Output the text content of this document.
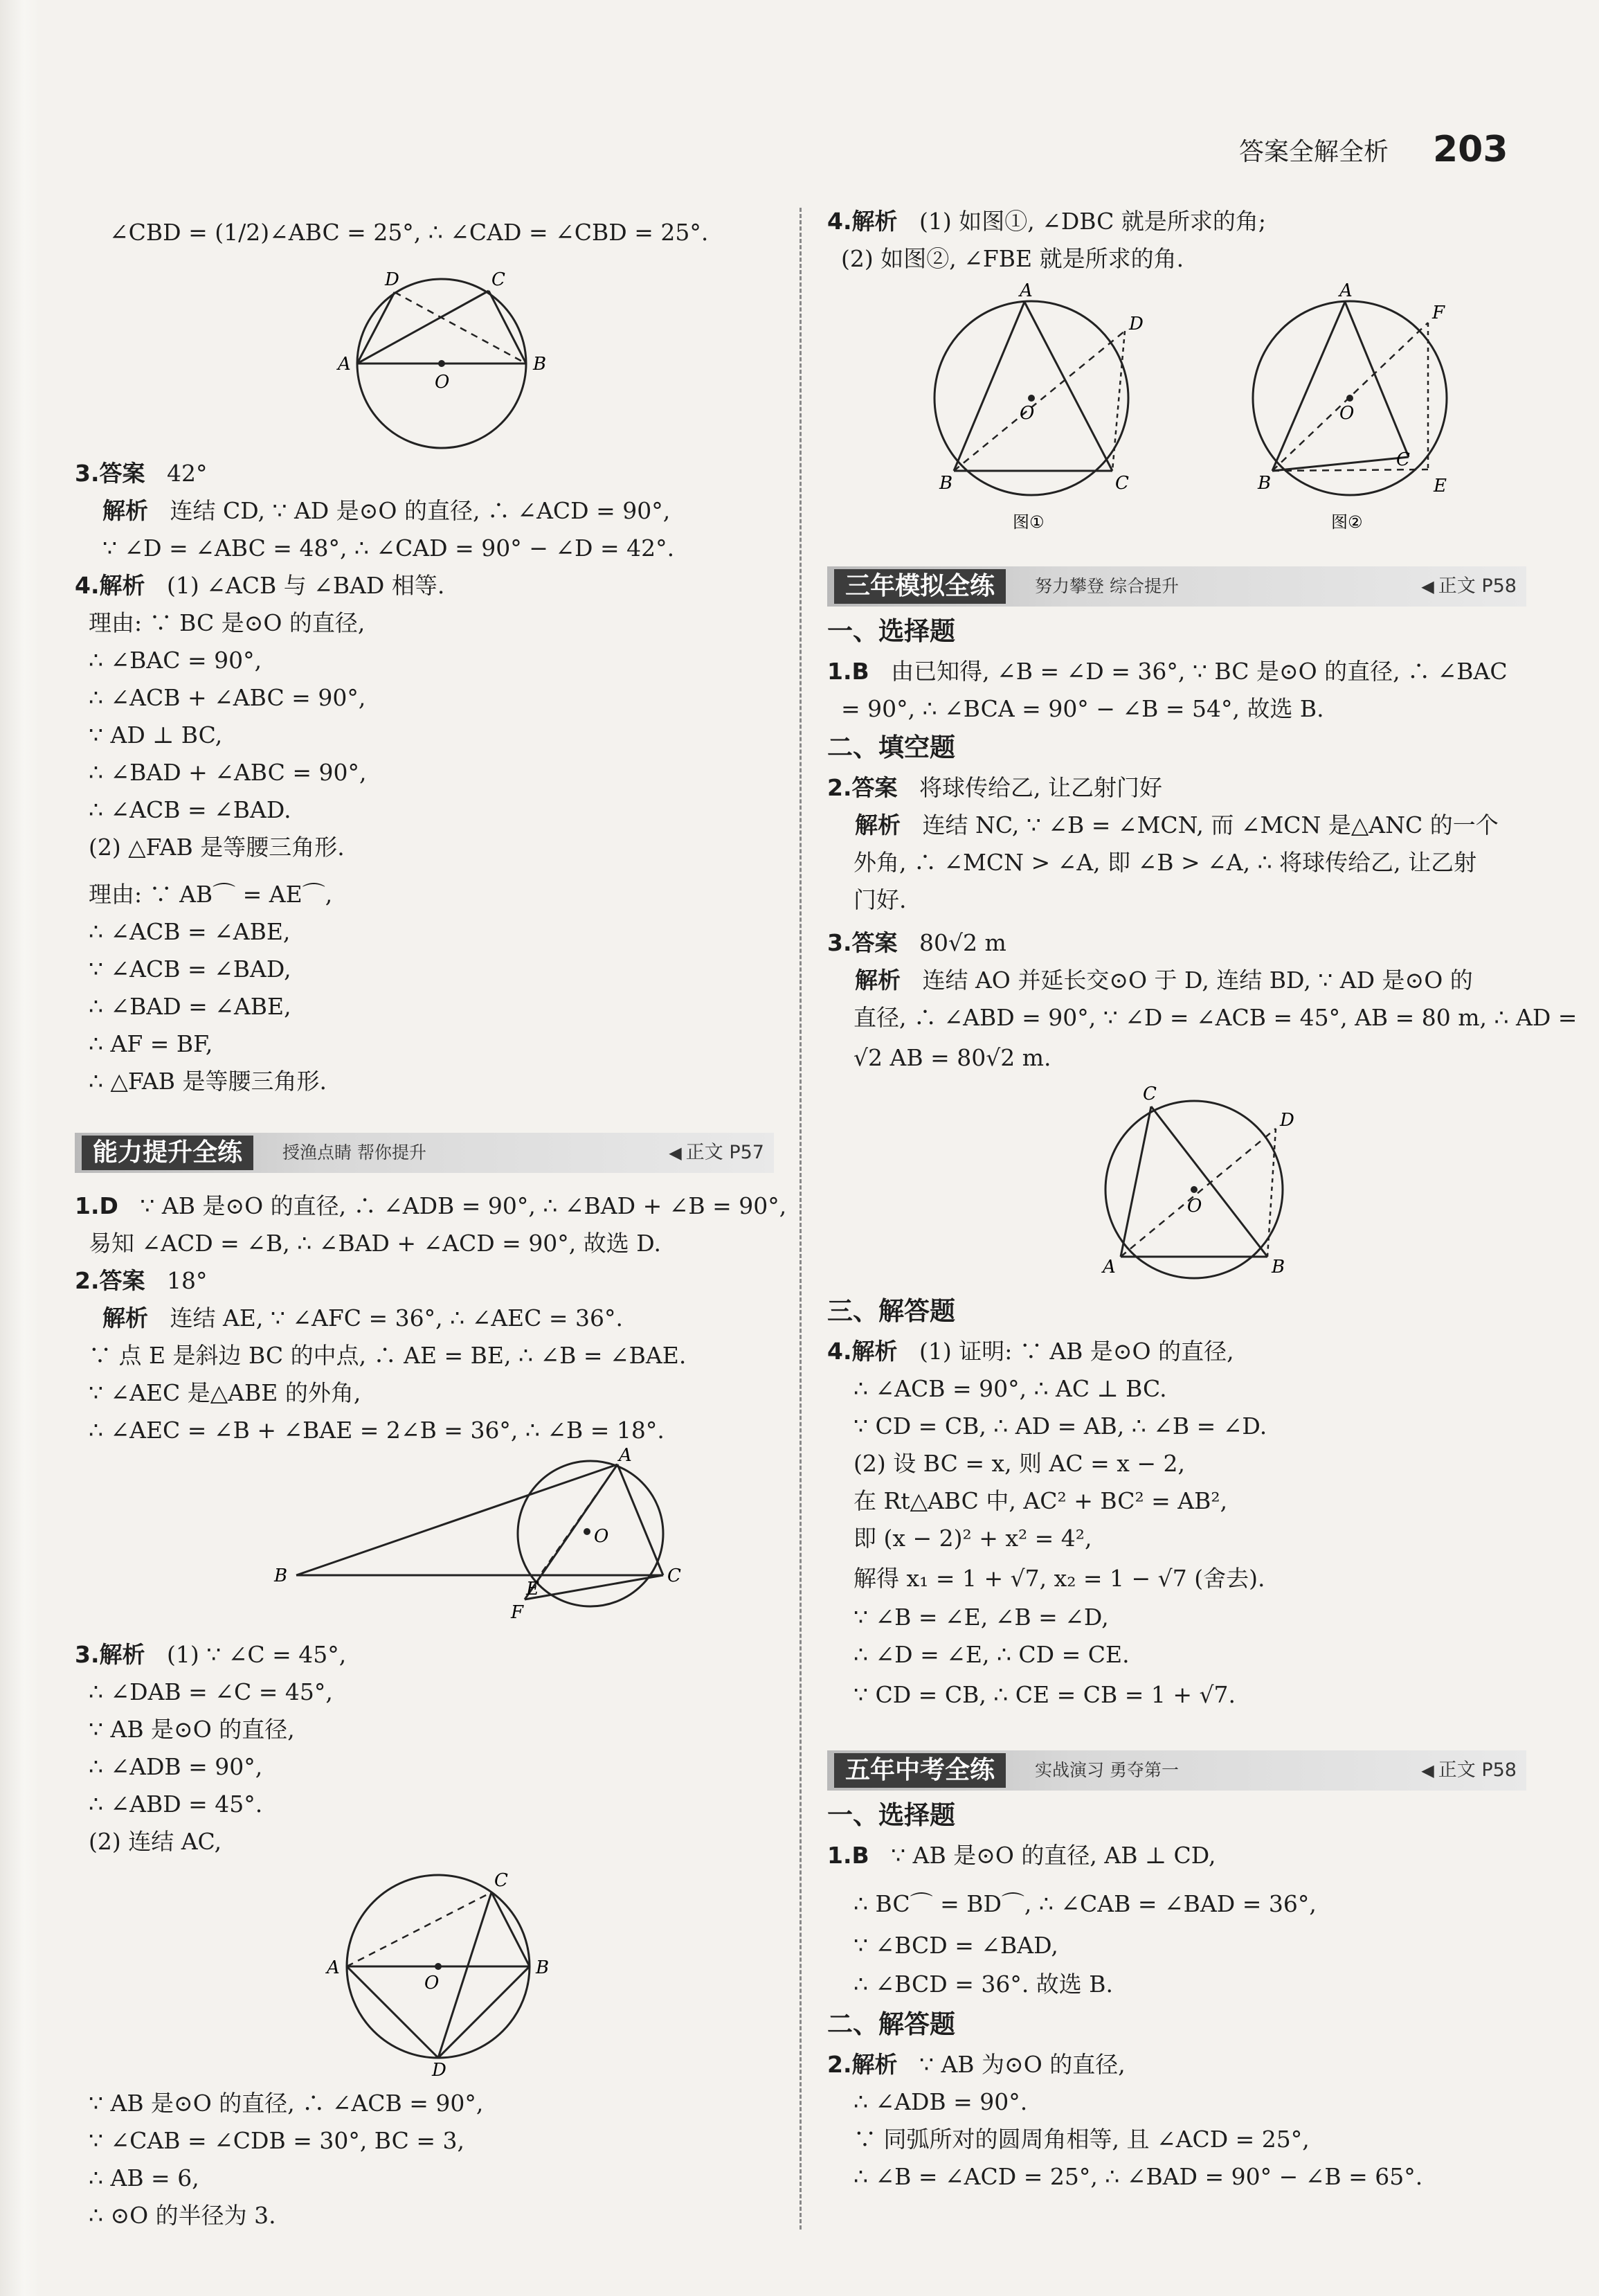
答案全解全析 203
∠CBD = (1/2)∠ABC = 25°, ∴ ∠CAD = ∠CBD = 25°.
A	B
C
D
O
3.答案 42°
解析 连结 CD, ∵ AD 是⊙O 的直径, ∴ ∠ACD = 90°,
∵ ∠D = ∠ABC = 48°, ∴ ∠CAD = 90° − ∠D = 42°.
4.解析 (1) ∠ACB 与 ∠BAD 相等.
理由: ∵ BC 是⊙O 的直径,
∴ ∠BAC = 90°,
∴ ∠ACB + ∠ABC = 90°,
∵ AD ⊥ BC,
∴ ∠BAD + ∠ABC = 90°,
∴ ∠ACB = ∠BAD.
(2) △FAB 是等腰三角形.
理由: ∵ AB⌒ = AE⌒,
∴ ∠ACB = ∠ABE,
∵ ∠ACB = ∠BAD,
∴ ∠BAD = ∠ABE,
∴ AF = BF,
∴ △FAB 是等腰三角形.
能力提升全练	授渔点睛 帮你提升	◀ 正文 P57
1.D ∵ AB 是⊙O 的直径, ∴ ∠ADB = 90°, ∴ ∠BAD + ∠B = 90°,
易知 ∠ACD = ∠B, ∴ ∠BAD + ∠ACD = 90°, 故选 D.
2.答案 18°
解析 连结 AE, ∵ ∠AFC = 36°, ∴ ∠AEC = 36°.
∵ 点 E 是斜边 BC 的中点, ∴ AE = BE, ∴ ∠B = ∠BAE.
∵ ∠AEC 是△ABE 的外角,
∴ ∠AEC = ∠B + ∠BAE = 2∠B = 36°, ∴ ∠B = 18°.
B	C
A
E
F
O
3.解析 (1) ∵ ∠C = 45°,
∴ ∠DAB = ∠C = 45°,
∵ AB 是⊙O 的直径,
∴ ∠ADB = 90°,
∴ ∠ABD = 45°.
(2) 连结 AC,
A	B
C
D
O
∵ AB 是⊙O 的直径, ∴ ∠ACB = 90°,
∵ ∠CAB = ∠CDB = 30°, BC = 3,
∴ AB = 6,
∴ ⊙O 的半径为 3.
4.解析 (1) 如图①, ∠DBC 就是所求的角;
(2) 如图②, ∠FBE 就是所求的角.
A
D
B	C
O
图①
A
F
B
C
E
O
图②
三年模拟全练	努力攀登 综合提升	◀ 正文 P58
一、选择题
1.B 由已知得, ∠B = ∠D = 36°, ∵ BC 是⊙O 的直径, ∴ ∠BAC
= 90°, ∴ ∠BCA = 90° − ∠B = 54°, 故选 B.
二、填空题
2.答案 将球传给乙, 让乙射门好
解析 连结 NC, ∵ ∠B = ∠MCN, 而 ∠MCN 是△ANC 的一个
外角, ∴ ∠MCN > ∠A, 即 ∠B > ∠A, ∴ 将球传给乙, 让乙射
门好.
3.答案 80√2 m
解析 连结 AO 并延长交⊙O 于 D, 连结 BD, ∵ AD 是⊙O 的
直径, ∴ ∠ABD = 90°, ∵ ∠D = ∠ACB = 45°, AB = 80 m, ∴ AD =
√2 AB = 80√2 m.
C
D
A	B
O
三、解答题
4.解析 (1) 证明: ∵ AB 是⊙O 的直径,
∴ ∠ACB = 90°, ∴ AC ⊥ BC.
∵ CD = CB, ∴ AD = AB, ∴ ∠B = ∠D.
(2) 设 BC = x, 则 AC = x − 2,
在 Rt△ABC 中, AC² + BC² = AB²,
即 (x − 2)² + x² = 4²,
解得 x₁ = 1 + √7, x₂ = 1 − √7 (舍去).
∵ ∠B = ∠E, ∠B = ∠D,
∴ ∠D = ∠E, ∴ CD = CE.
∵ CD = CB, ∴ CE = CB = 1 + √7.
五年中考全练	实战演习 勇夺第一	◀ 正文 P58
一、选择题
1.B ∵ AB 是⊙O 的直径, AB ⊥ CD,
∴ BC⌒ = BD⌒, ∴ ∠CAB = ∠BAD = 36°,
∵ ∠BCD = ∠BAD,
∴ ∠BCD = 36°. 故选 B.
二、解答题
2.解析 ∵ AB 为⊙O 的直径,
∴ ∠ADB = 90°.
∵ 同弧所对的圆周角相等, 且 ∠ACD = 25°,
∴ ∠B = ∠ACD = 25°, ∴ ∠BAD = 90° − ∠B = 65°.
